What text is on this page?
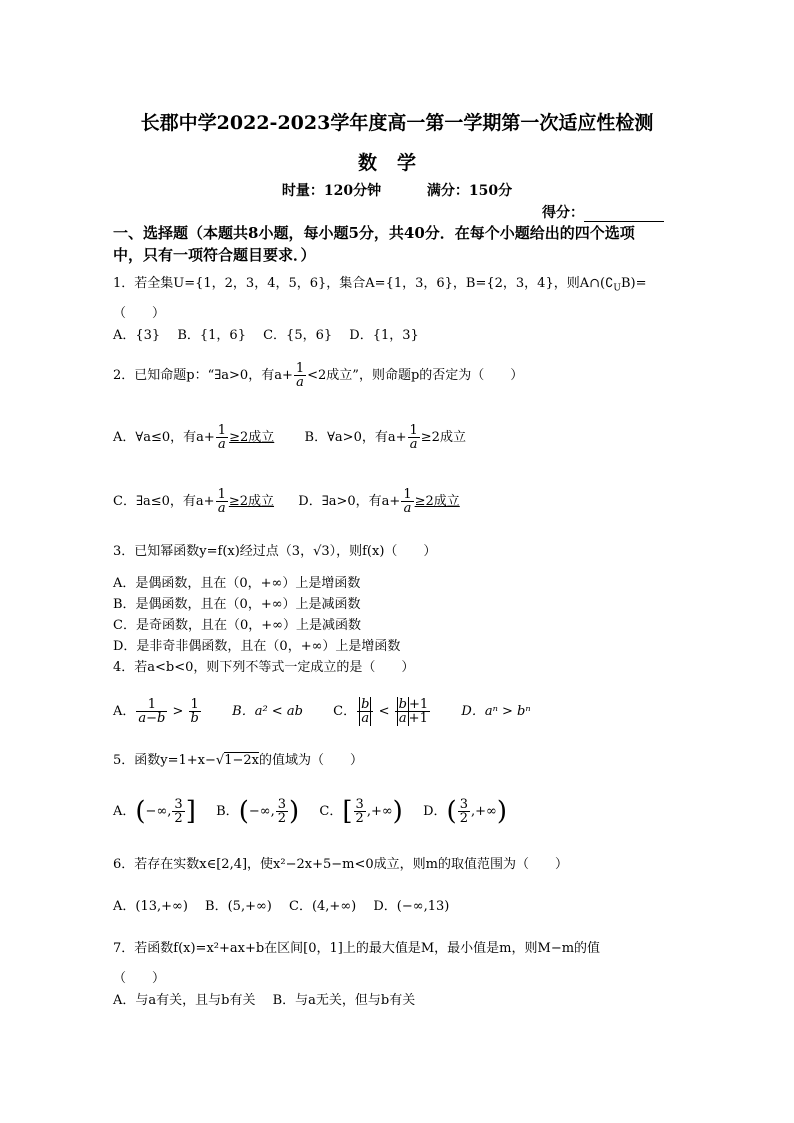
长郡中学2022-2023学年度高一第一学期第一次适应性检测
数学
时量：120分钟	满分：150分
得分：
一、选择题（本题共8小题，每小题5分，共40分．在每个小题给出的四个选项
中，只有一项符合题目要求．）
1．若全集U={1，2，3，4，5，6}，集合A={1，3，6}，B={2，3，4}，则$A\cap(∁_UB)=$
（　　）
A．{3}　 B．{1，6}　 C．{5，6}　 D．{1，3}
2．已知命题p：“∃a>0，有$a+ \frac{1}{a} <2$成立”，则命题p的否定为（　　）
A．∀a≤0，有$a+ \frac{1}{a} \ge 2$成立 B．∀a>0，有$a+ \frac{1}{a} \ge 2$成立
C．∃a≤0，有$a+ \frac{1}{a} \ge 2$成立 D．∃a>0，有$a+ \frac{1}{a} \ge 2$成立
3．已知幂函数y=f(x)经过点（3，√3），则f(x)（　　）
A．是偶函数，且在（0，+∞）上是增函数
B．是偶函数，且在（0，+∞）上是减函数
C．是奇函数，且在（0，+∞）上是减函数
D．是非奇非偶函数，且在（0，+∞）上是增函数
4．若a<b<0，则下列不等式一定成立的是（　　）
A． $\frac{1}{a-b} > \frac{1}{b}$ B．a² < ab C． $\frac{b}{a} < \frac{b +1}{a +1}$ D．aⁿ > bⁿ
5．函数y=1+x−√1−2x的值域为（　　）
A．(−∞, $\frac{3}{2}$ ] B．(−∞, $\frac{3}{2}$ ) C．[ $\frac{3}{2}$ ,+∞) D．( $\frac{3}{2}$ ,+∞)
6．若存在实数x∈[2,4]，使x²−2x+5−m<0成立，则m的取值范围为（　　）
A．(13,+∞)　 B．(5,+∞)　 C．(4,+∞)　 D．(−∞,13)
7．若函数f(x)=x²+ax+b在区间[0，1]上的最大值是M，最小值是m，则M−m的值
（　　）
A．与a有关，且与b有关　 B．与a无关，但与b有关
